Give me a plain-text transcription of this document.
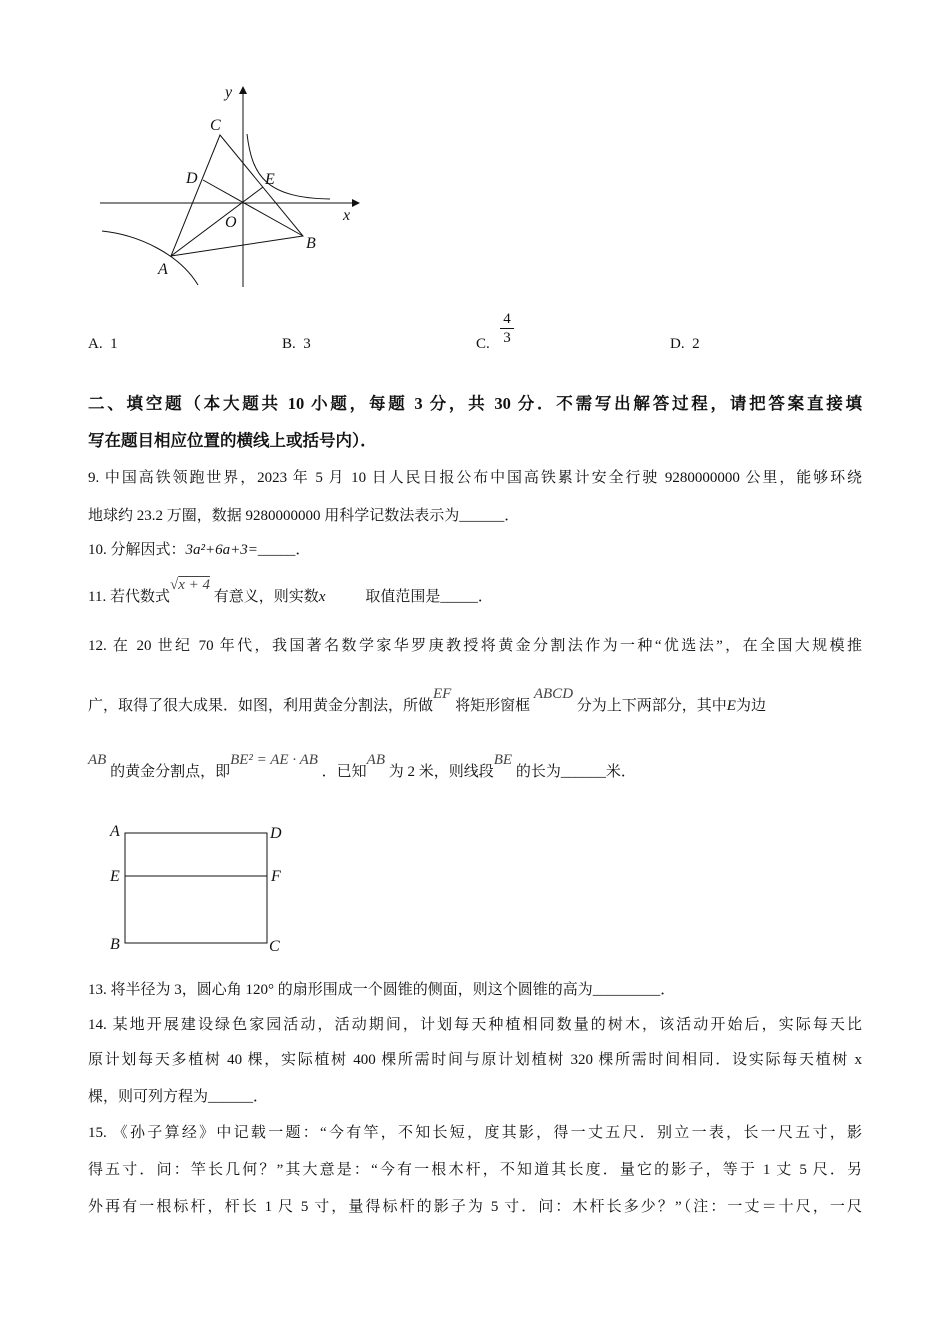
y
x
C
D	E
O
B
A
A. 1	B. 3	C. $\frac{4}{3}$	D. 2
二、填空题（本大题共 10 小题，每题 3 分，共 30 分．不需写出解答过程，请把答案直接填
写在题目相应位置的横线上或括号内）．
9. 中国高铁领跑世界，2023 年 5 月 10 日人民日报公布中国高铁累计安全行驶 9280000000 公里，能够环绕
地球约 23.2 万圈，数据 9280000000 用科学记数法表示为______．
10. 分解因式：3a²+6a+3=_____．
11. 若代数式√x + 4 有意义，则实数x	取值范围是_____．
12. 在 20 世纪 70 年代，我国著名数学家华罗庚教授将黄金分割法作为一种“优选法”，在全国大规模推
广，取得了很大成果．如图，利用黄金分割法，所做EF 将矩形窗框 ABCD 分为上下两部分，其中E为边
AB 的黄金分割点，即BE² = AE · AB ．已知AB 为 2 米，则线段BE 的长为______米．
A	D
E	F
B	C
13. 将半径为 3，圆心角 120° 的扇形围成一个圆锥的侧面，则这个圆锥的高为_________．
14. 某地开展建设绿色家园活动，活动期间，计划每天种植相同数量的树木，该活动开始后，实际每天比
原计划每天多植树 40 棵，实际植树 400 棵所需时间与原计划植树 320 棵所需时间相同．设实际每天植树 x
棵，则可列方程为______．
15. 《孙子算经》中记载一题：“今有竿，不知长短，度其影，得一丈五尺．别立一表，长一尺五寸，影
得五寸．问：竿长几何？”其大意是：“今有一根木杆，不知道其长度．量它的影子，等于 1 丈 5 尺．另
外再有一根标杆，杆长 1 尺 5 寸，量得标杆的影子为 5 寸．问：木杆长多少？”（注：一丈＝十尺，一尺
